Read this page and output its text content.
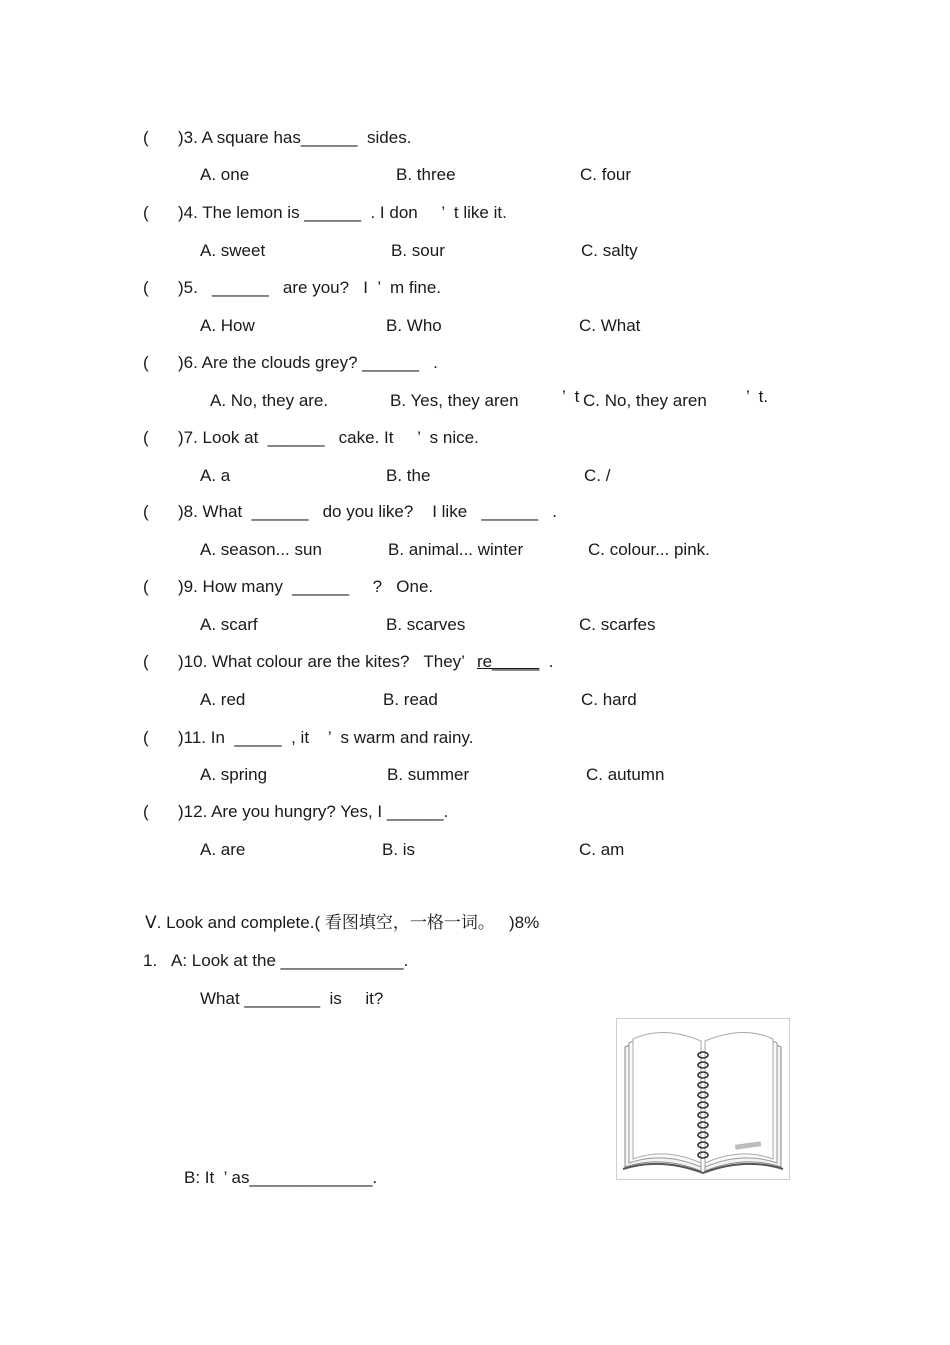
( )3. A square has______  sides.
A. one	B. three	C. four
( )4. The lemon is ______  . I don     ’  t like it.
A. sweet	B. sour	C. salty
( )5.   ______   are you?   I  ’  m fine.
A. How	B. Who	C. What
( )6. Are the clouds grey? ______   .
A. No, they are.	B. Yes, they aren	’  t C. No, they aren ’  t.
( )7. Look at  ______   cake. It     ’  s nice.
A. a	B. the	C. /
( )8. What  ______   do you like?    I like   ______   .
A. season... sun	B. animal... winter	C. colour... pink.
( )9. How many  ______     ?   One.
A. scarf	B. scarves	C. scarfes
( )10. What colour are the kites?   They’ re_____  .
A. red	B. read	C. hard
( )11. In  _____  , it    ’  s warm and rainy.
A. spring	B. summer	C. autumn
( )12. Are you hungry? Yes, I ______.
A. are	B. is	C. am
Ⅴ. Look and complete.( 看图填空，一格一词。   )8%
1. A: Look at the _____________.
What ________  is     it?
B: It  ’ as_____________.
